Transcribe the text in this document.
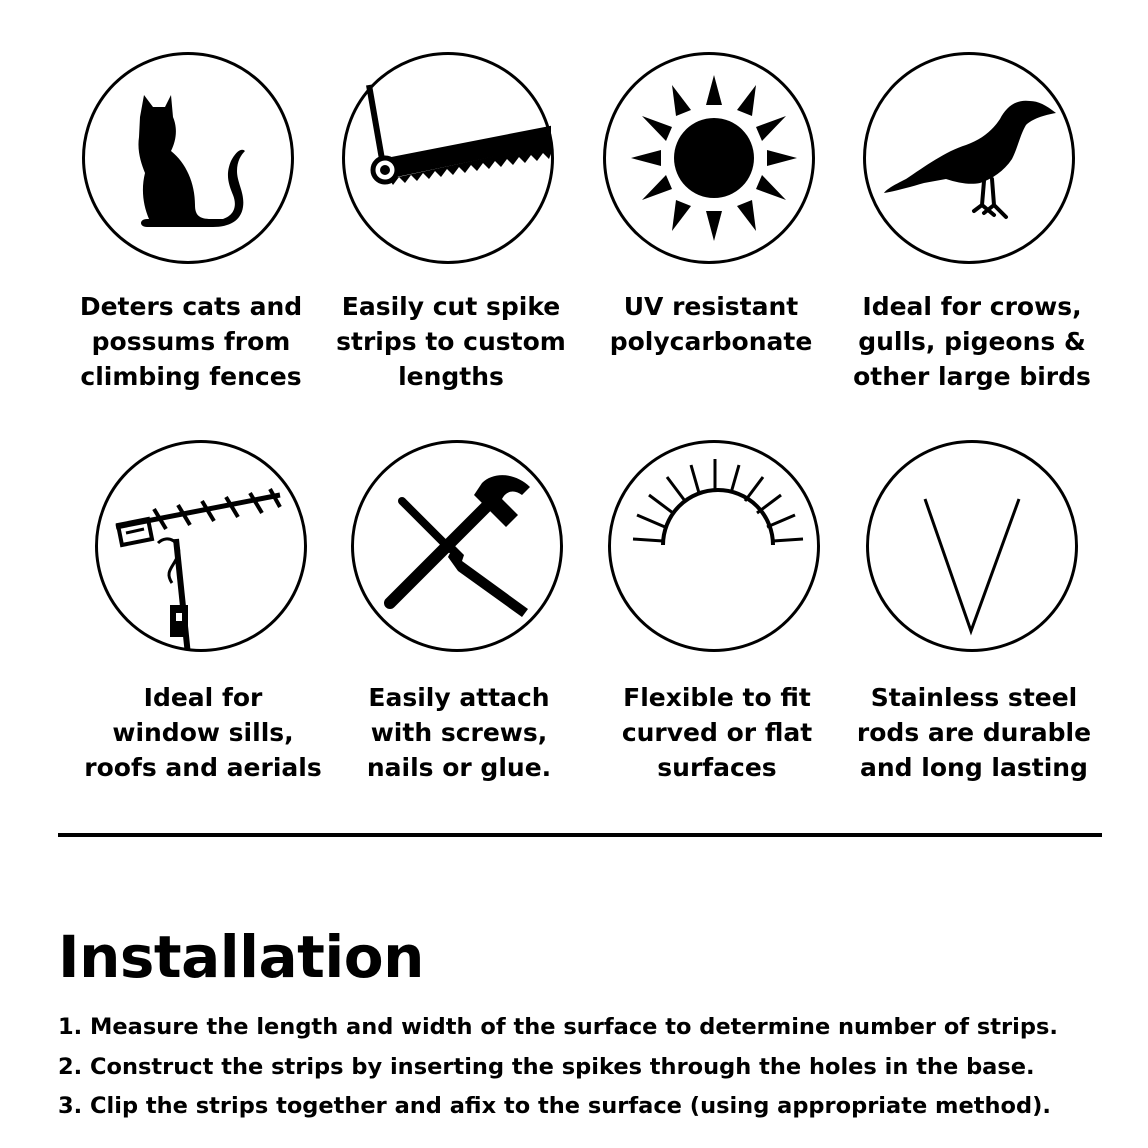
Deters cats and
possums from
climbing fences
Easily cut spike
strips to custom
lengths
UV resistant
polycarbonate
Ideal for crows,
gulls, pigeons &
other large birds
Ideal for
window sills,
roofs and aerials
Easily attach
with screws,
nails or glue.
Flexible to fit
curved or flat
surfaces
Stainless steel
rods are durable
and long lasting
Installation
1. Measure the length and width of the surface to determine number of strips.
2. Construct the strips by inserting the spikes through the holes in the base.
3. Clip the strips together and afix to the surface (using appropriate method).
